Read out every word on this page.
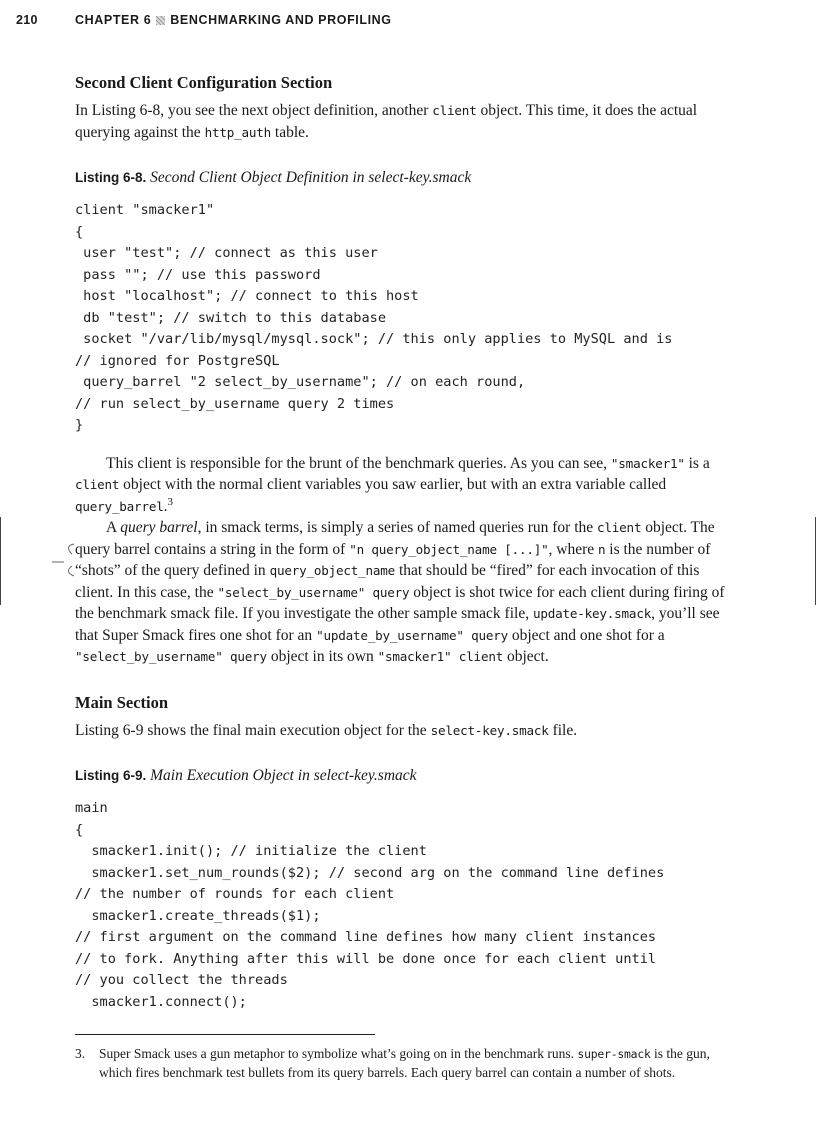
210	CHAPTER 6 BENCHMARKING AND PROFILING
Second Client Configuration Section

In Listing 6-8, you see the next object definition, another client object. This time, it does the actual querying against the http_auth table.

Listing 6-8. Second Client Object Definition in select-key.smack
client "smacker1"
{
user "test"; // connect as this user
pass ""; // use this password
host "localhost"; // connect to this host
db "test"; // switch to this database
socket "/var/lib/mysql/mysql.sock"; // this only applies to MySQL and is
// ignored for PostgreSQL
query_barrel "2 select_by_username"; // on each round,
// run select_by_username query 2 times
}

This client is responsible for the brunt of the benchmark queries. As you can see, "smacker1" is a client object with the normal client variables you saw earlier, but with an extra variable called query_barrel.$^3$

A query barrel, in smack terms, is simply a series of named queries run for the client object. The query barrel contains a string in the form of "n query_object_name [...]", where n is the number of “shots” of the query defined in query_object_name that should be “fired” for each invocation of this client. In this case, the "select_by_username" query object is shot twice for each client during firing of the benchmark smack file. If you investigate the other sample smack file, update-key.smack, you’ll see that Super Smack fires one shot for an "update_by_username" query object and one shot for a "select_by_username" query object in its own "smacker1" client object.

Main Section

Listing 6-9 shows the final main execution object for the select-key.smack file.

Listing 6-9. Main Execution Object in select-key.smack
main
{
smacker1.init(); // initialize the client
smacker1.set_num_rounds($2); // second arg on the command line defines
// the number of rounds for each client
smacker1.create_threads($1);
// first argument on the command line defines how many client instances
// to fork. Anything after this will be done once for each client until
// you collect the threads
smacker1.connect();
3. Super Smack uses a gun metaphor to symbolize what’s going on in the benchmark runs. super-smack is the gun, which fires benchmark test bullets from its query barrels. Each query barrel can contain a number of shots.
